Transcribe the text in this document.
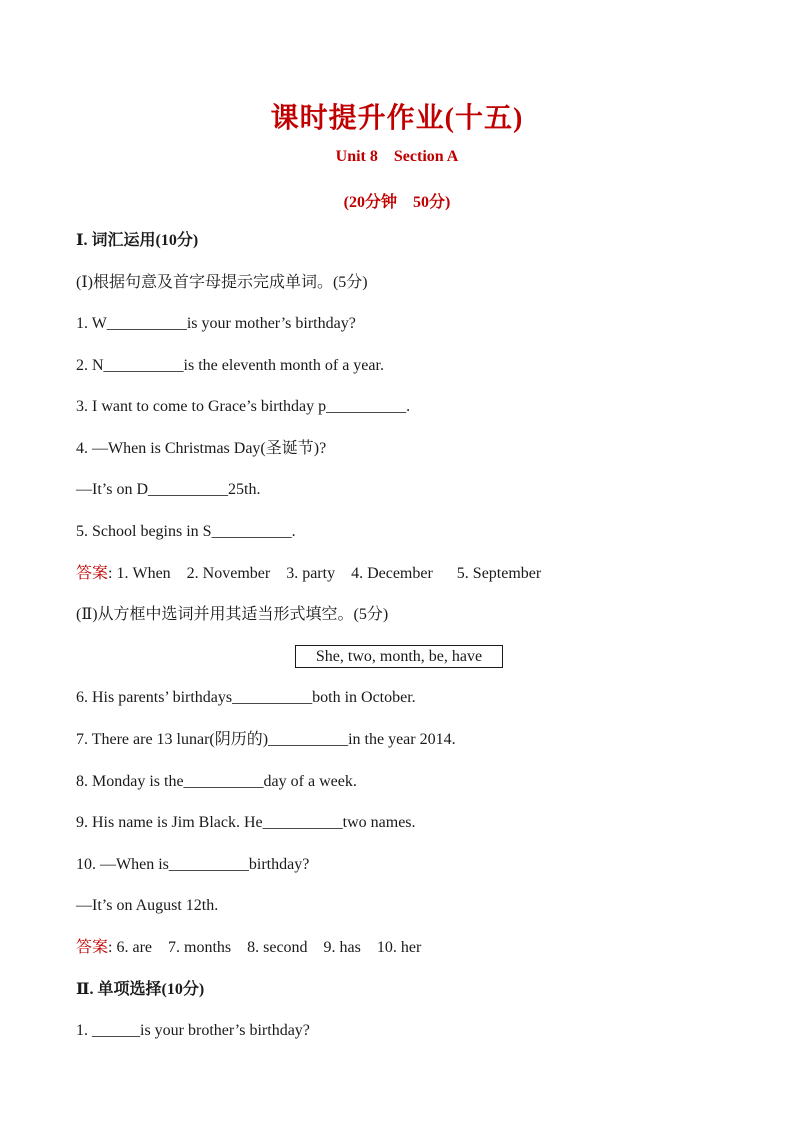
课时提升作业(十五)
Unit 8    Section A
(20分钟    50分)
Ⅰ. 词汇运用(10分)
(Ⅰ)根据句意及首字母提示完成单词。(5分)
1. W__________is your mother’s birthday?
2. N__________is the eleventh month of a year.
3. I want to come to Grace’s birthday p__________.
4. —When is Christmas Day(圣诞节)?
—It’s on D__________25th.
5. School begins in S__________.
答案: 1. When    2. November    3. party    4. December      5. September
(Ⅱ)从方框中选词并用其适当形式填空。(5分)
She, two, month, be, have
6. His parents’ birthdays__________both in October.
7. There are 13 lunar(阴历的)__________in the year 2014.
8. Monday is the__________day of a week.
9. His name is Jim Black. He__________two names.
10. —When is__________birthday?
—It’s on August 12th.
答案: 6. are    7. months    8. second    9. has    10. her
Ⅱ. 单项选择(10分)
1. ______is your brother’s birthday?
